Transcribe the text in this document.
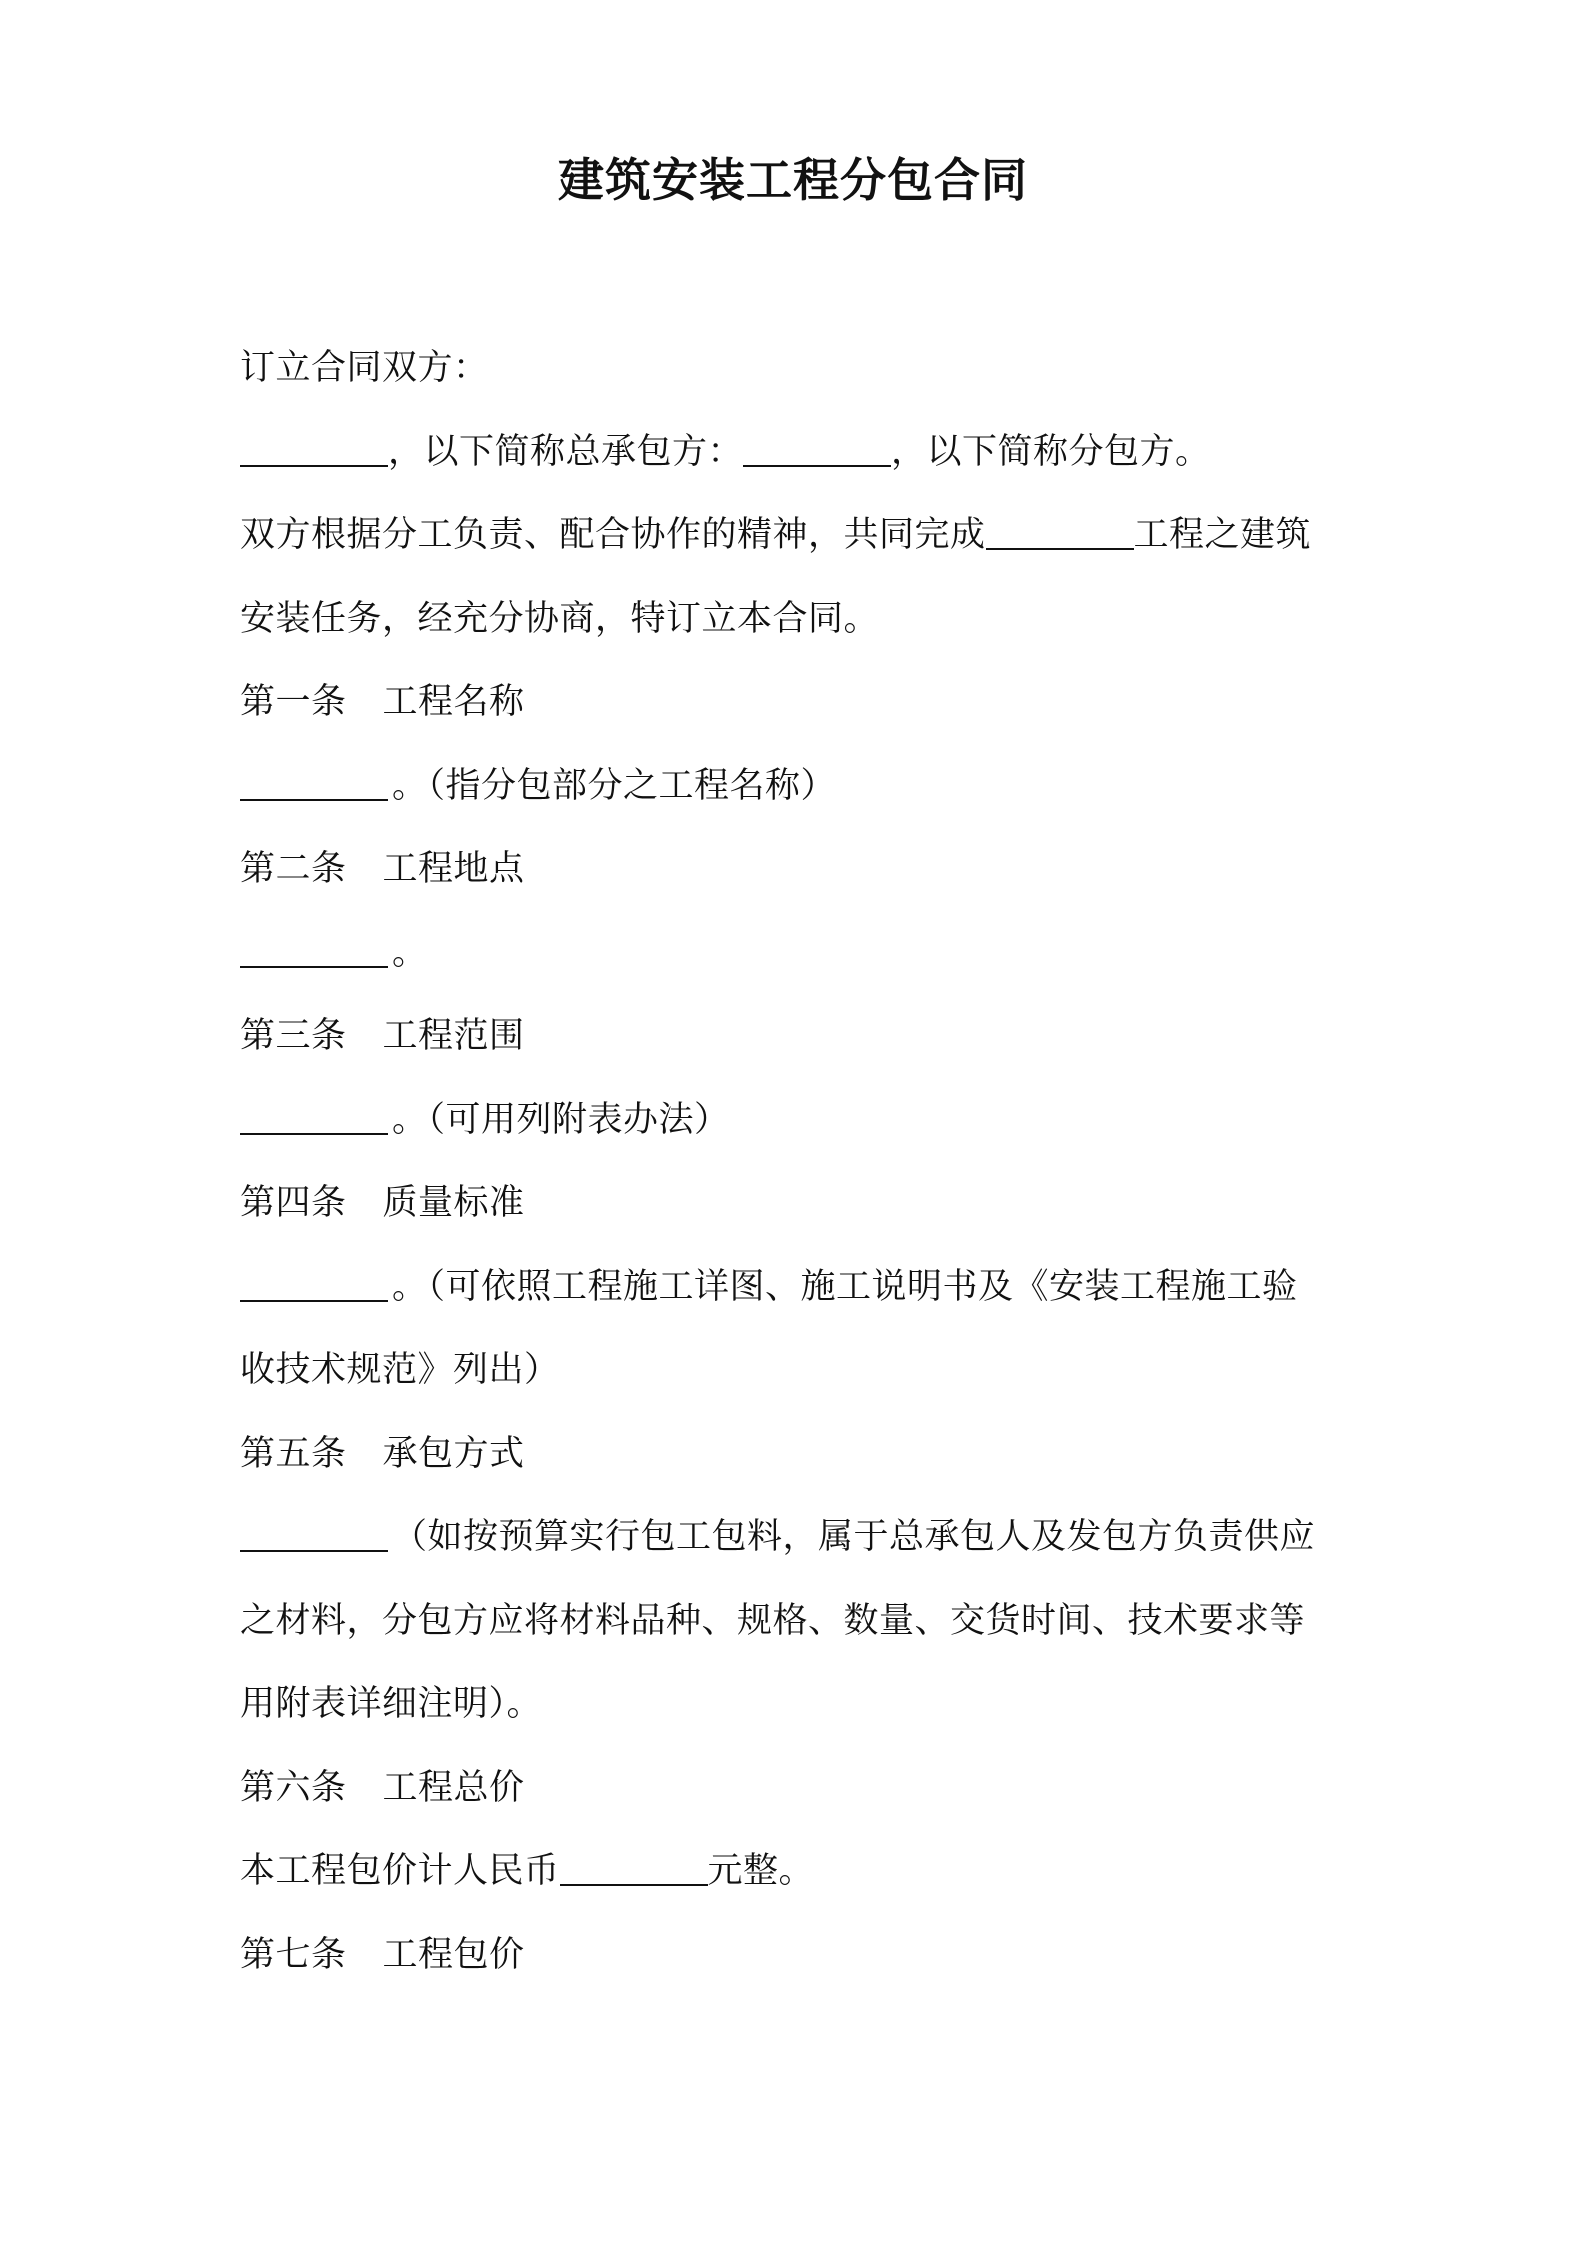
建筑安装工程分包合同
订立合同双方：
，以下简称总承包方：	，以下简称分包方。
双方根据分工负责、配合协作的精神，共同完成	工程之建筑
安装任务，经充分协商，特订立本合同。
第一条 工程名称
。（指分包部分之工程名称）
第二条 工程地点
。
第三条 工程范围
。（可用列附表办法）
第四条 质量标准
。（可依照工程施工详图、施工说明书及《安装工程施工验
收技术规范》列出）
第五条 承包方式
（如按预算实行包工包料，属于总承包人及发包方负责供应
之材料，分包方应将材料品种、规格、数量、交货时间、技术要求等
用附表详细注明）。
第六条 工程总价
本工程包价计人民币	元整。
第七条 工程包价
